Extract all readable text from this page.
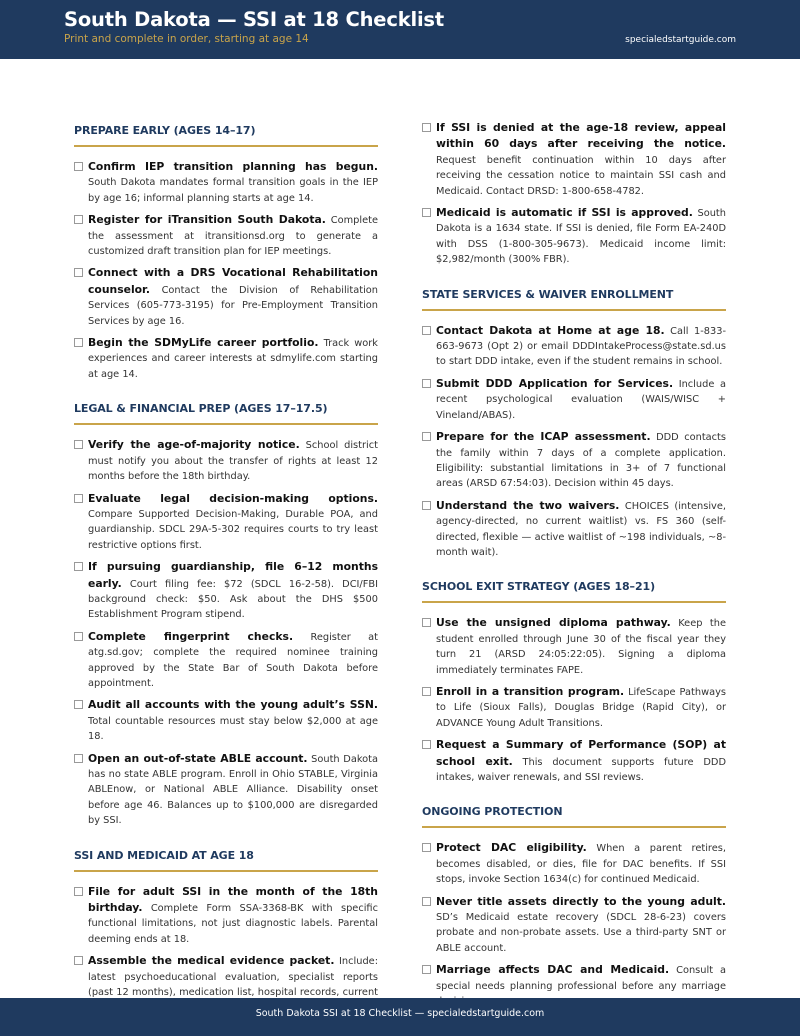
South Dakota — SSI at 18 Checklist
Print and complete in order, starting at age 14	specialedstartguide.com
PREPARE EARLY (AGES 14–17)
Confirm IEP transition planning has begun. South Dakota mandates formal transition goals in the IEP by age 16; informal planning starts at age 14.
Register for iTransition South Dakota. Complete the assessment at itransitionsd.org to generate a customized draft transition plan for IEP meetings.
Connect with a DRS Vocational Rehabilitation counselor. Contact the Division of Rehabilitation Services (605-773-3195) for Pre-Employment Transition Services by age 16.
Begin the SDMyLife career portfolio. Track work experiences and career interests at sdmylife.com starting at age 14.
LEGAL & FINANCIAL PREP (AGES 17–17.5)
Verify the age-of-majority notice. School district must notify you about the transfer of rights at least 12 months before the 18th birthday.
Evaluate legal decision-making options. Compare Supported Decision-Making, Durable POA, and guardianship. SDCL 29A-5-302 requires courts to try least restrictive options first.
If pursuing guardianship, file 6–12 months early. Court filing fee: $72 (SDCL 16-2-58). DCI/FBI background check: $50. Ask about the DHS $500 Establishment Program stipend.
Complete fingerprint checks. Register at atg.sd.gov; complete the required nominee training approved by the State Bar of South Dakota before appointment.
Audit all accounts with the young adult’s SSN. Total countable resources must stay below $2,000 at age 18.
Open an out-of-state ABLE account. South Dakota has no state ABLE program. Enroll in Ohio STABLE, Virginia ABLEnow, or National ABLE Alliance. Disability onset before age 46. Balances up to $100,000 are disregarded by SSI.
SSI AND MEDICAID AT AGE 18
File for adult SSI in the month of the 18th birthday. Complete Form SSA-3368-BK with specific functional limitations, not just diagnostic labels. Parental deeming ends at 18.
Assemble the medical evidence packet. Include: latest psychoeducational evaluation, specialist reports (past 12 months), medication list, hospital records, current
If SSI is denied at the age-18 review, appeal within 60 days after receiving the notice. Request benefit continuation within 10 days after receiving the cessation notice to maintain SSI cash and Medicaid. Contact DRSD: 1-800-658-4782.
Medicaid is automatic if SSI is approved. South Dakota is a 1634 state. If SSI is denied, file Form EA-240D with DSS (1-800-305-9673). Medicaid income limit: $2,982/month (300% FBR).
STATE SERVICES & WAIVER ENROLLMENT
Contact Dakota at Home at age 18. Call 1-833-663-9673 (Opt 2) or email DDDIntakeProcess@state.sd.us to start DDD intake, even if the student remains in school.
Submit DDD Application for Services. Include a recent psychological evaluation (WAIS/WISC + Vineland/ABAS).
Prepare for the ICAP assessment. DDD contacts the family within 7 days of a complete application. Eligibility: substantial limitations in 3+ of 7 functional areas (ARSD 67:54:03). Decision within 45 days.
Understand the two waivers. CHOICES (intensive, agency-directed, no current waitlist) vs. FS 360 (self-directed, flexible — active waitlist of ~198 individuals, ~8-month wait).
SCHOOL EXIT STRATEGY (AGES 18–21)
Use the unsigned diploma pathway. Keep the student enrolled through June 30 of the fiscal year they turn 21 (ARSD 24:05:22:05). Signing a diploma immediately terminates FAPE.
Enroll in a transition program. LifeScape Pathways to Life (Sioux Falls), Douglas Bridge (Rapid City), or ADVANCE Young Adult Transitions.
Request a Summary of Performance (SOP) at school exit. This document supports future DDD intakes, waiver renewals, and SSI reviews.
ONGOING PROTECTION
Protect DAC eligibility. When a parent retires, becomes disabled, or dies, file for DAC benefits. If SSI stops, invoke Section 1634(c) for continued Medicaid.
Never title assets directly to the young adult. SD’s Medicaid estate recovery (SDCL 28-6-23) covers probate and non-probate assets. Use a third-party SNT or ABLE account.
Marriage affects DAC and Medicaid. Consult a special needs planning professional before any marriage
South Dakota SSI at 18 Checklist — specialedstartguide.com
